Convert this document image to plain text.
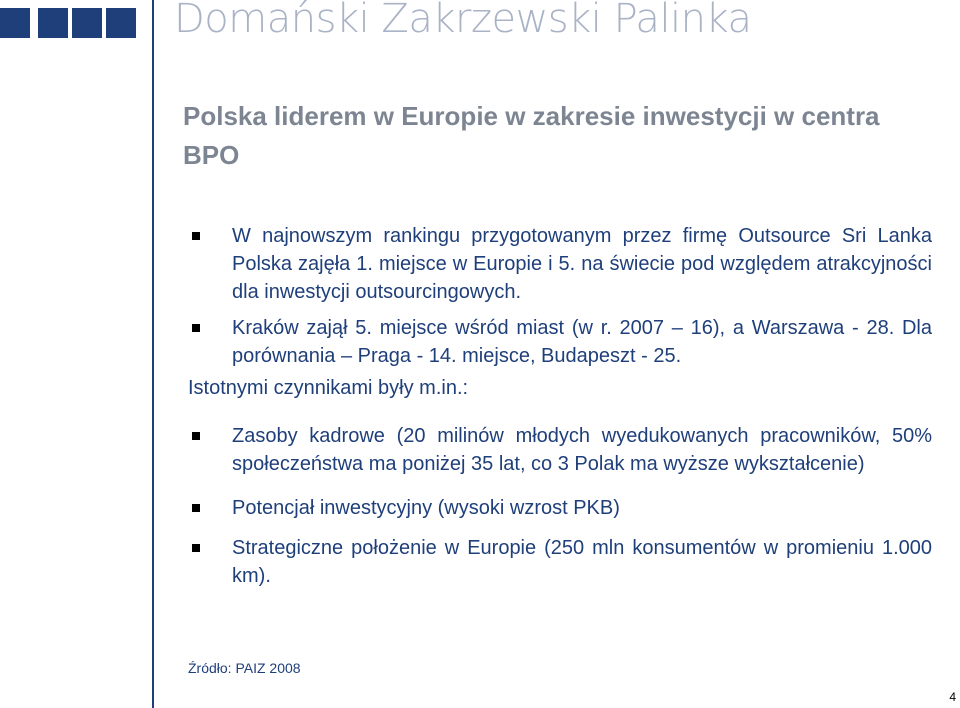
Domański Zakrzewski Palinka

Polska liderem w Europie w zakresie inwestycji w centra BPO

W najnowszym rankingu przygotowanym przez firmę Outsource Sri Lanka Polska zajęła 1. miejsce w Europie i 5. na świecie pod względem atrakcyjności dla inwestycji outsourcingowych.

Kraków zajął 5. miejsce wśród miast (w r. 2007 – 16), a Warszawa - 28. Dla porównania – Praga - 14. miejsce, Budapeszt - 25.

Istotnymi czynnikami były m.in.:

Zasoby kadrowe (20 milinów młodych wyedukowanych pracowników, 50% społeczeństwa ma poniżej 35 lat, co 3 Polak ma wyższe wykształcenie)

Potencjał inwestycyjny (wysoki wzrost PKB)

Strategiczne położenie w Europie (250 mln konsumentów w promieniu 1.000 km).

Źródło: PAIZ 2008

4
